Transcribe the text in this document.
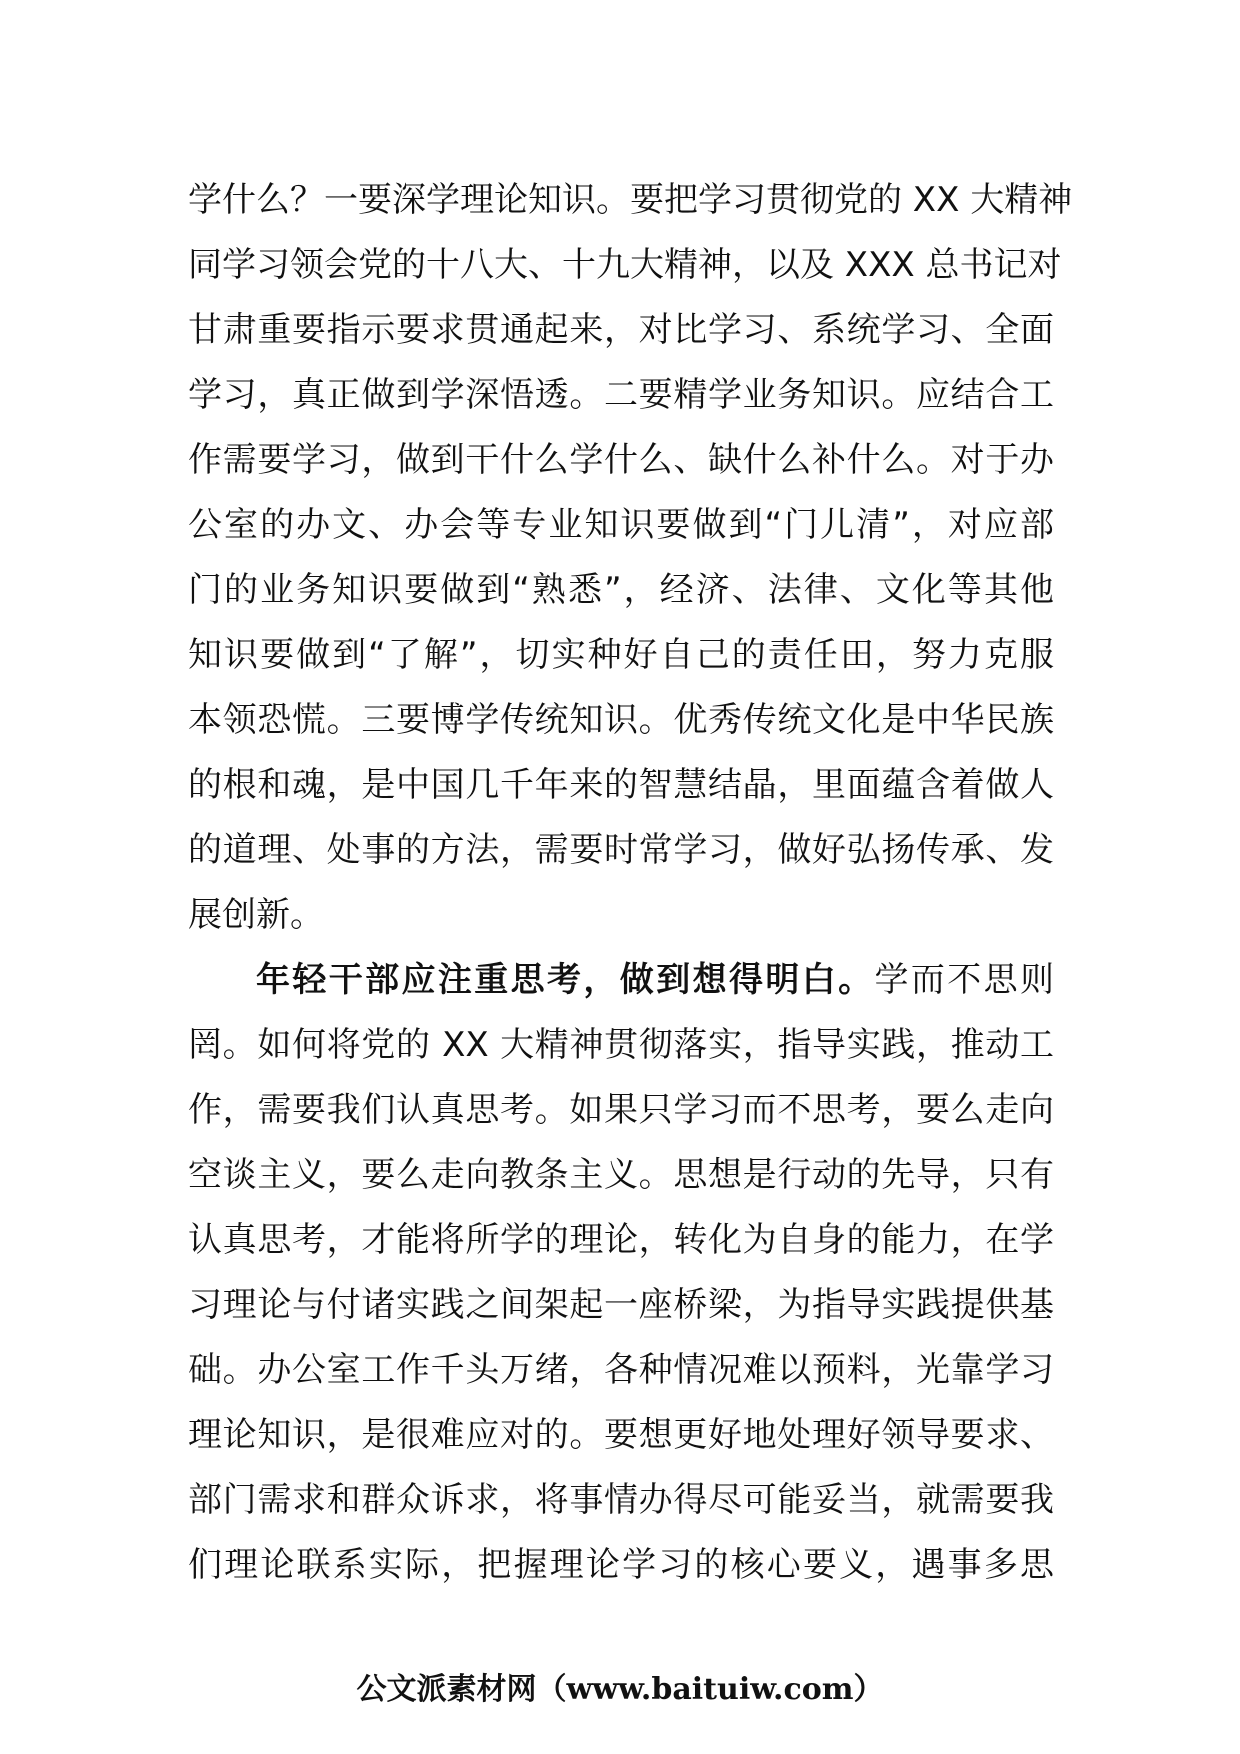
学什么？一要深学理论知识。要把学习贯彻党的 XX 大精神
同学习领会党的十八大、十九大精神，以及 XXX 总书记对
甘肃重要指示要求贯通起来，对比学习、系统学习、全面
学习，真正做到学深悟透。二要精学业务知识。应结合工
作需要学习，做到干什么学什么、缺什么补什么。对于办
公室的办文、办会等专业知识要做到“门儿清”，对应部
门的业务知识要做到“熟悉”，经济、法律、文化等其他
知识要做到“了解”，切实种好自己的责任田，努力克服
本领恐慌。三要博学传统知识。优秀传统文化是中华民族
的根和魂，是中国几千年来的智慧结晶，里面蕴含着做人
的道理、处事的方法，需要时常学习，做好弘扬传承、发
展创新。
年轻干部应注重思考，做到想得明白。学而不思则
罔。如何将党的 XX 大精神贯彻落实，指导实践，推动工
作，需要我们认真思考。如果只学习而不思考，要么走向
空谈主义，要么走向教条主义。思想是行动的先导，只有
认真思考，才能将所学的理论，转化为自身的能力，在学
习理论与付诸实践之间架起一座桥梁，为指导实践提供基
础。办公室工作千头万绪，各种情况难以预料，光靠学习
理论知识，是很难应对的。要想更好地处理好领导要求、
部门需求和群众诉求，将事情办得尽可能妥当，就需要我
们理论联系实际，把握理论学习的核心要义，遇事多思
公文派素材网（www.baituiw.com）
